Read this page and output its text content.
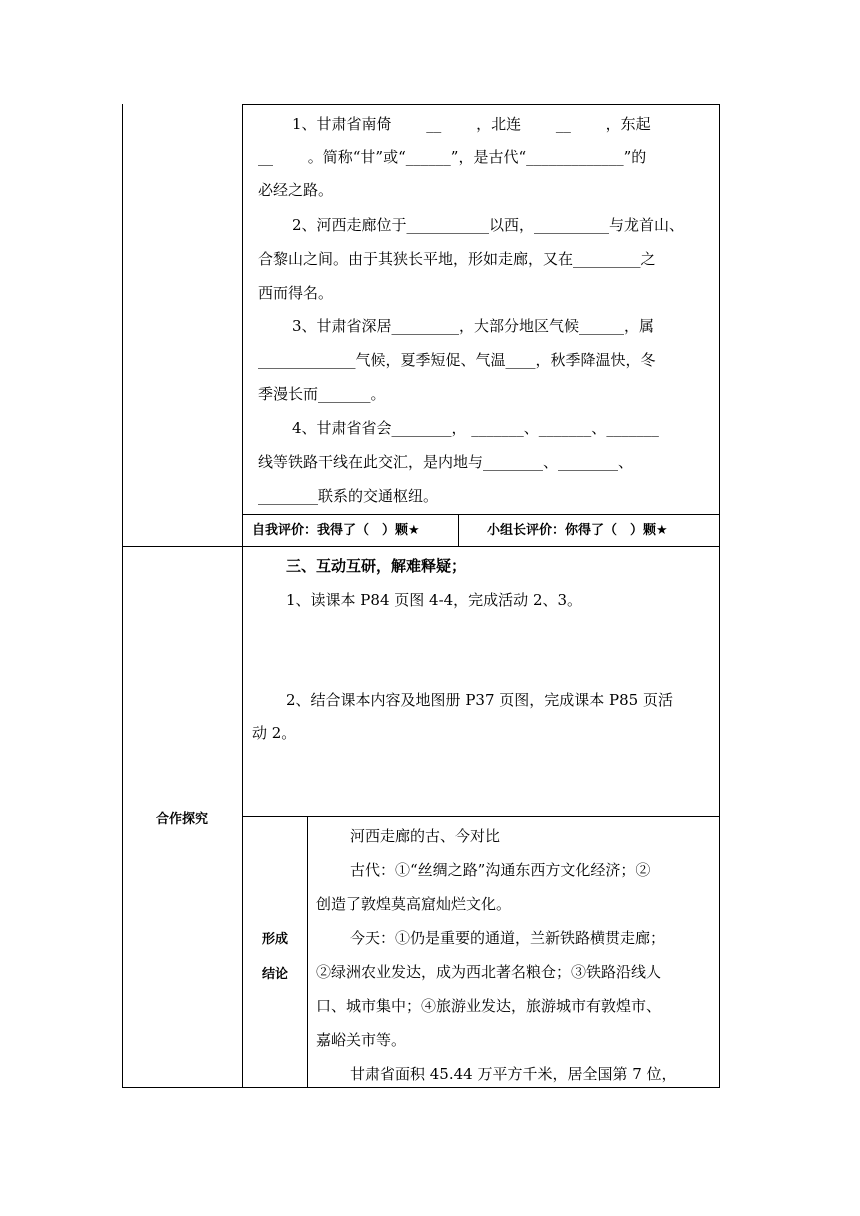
1、甘肃省南倚　　 __　　 ，北连　　 __　　 ，东起
__　　 。简称“甘”或“______”，是古代“_____________”的
必经之路。
2、河西走廊位于___________以西，__________与龙首山、
合黎山之间。由于其狭长平地，形如走廊，又在_________之
西而得名。
3、甘肃省深居_________，大部分地区气候______，属
_____________气候，夏季短促、气温____，秋季降温快，冬
季漫长而_______。
4、甘肃省省会________， _______、_______、_______
线等铁路干线在此交汇，是内地与________、________、
________联系的交通枢纽。
自我评价：我得了（　）颗★	小组长评价：你得了（　）颗★
合作探究
三、互动互研，解难释疑；
1、读课本 P84 页图 4-4，完成活动 2、3。
2、结合课本内容及地图册 P37 页图，完成课本 P85 页活
动 2。
形成
结论
河西走廊的古、今对比
古代：①“丝绸之路”沟通东西方文化经济；②
创造了敦煌莫高窟灿烂文化。
今天：①仍是重要的通道，兰新铁路横贯走廊；
②绿洲农业发达，成为西北著名粮仓；③铁路沿线人
口、城市集中；④旅游业发达，旅游城市有敦煌市、
嘉峪关市等。
甘肃省面积 45.44 万平方千米，居全国第 7 位，
